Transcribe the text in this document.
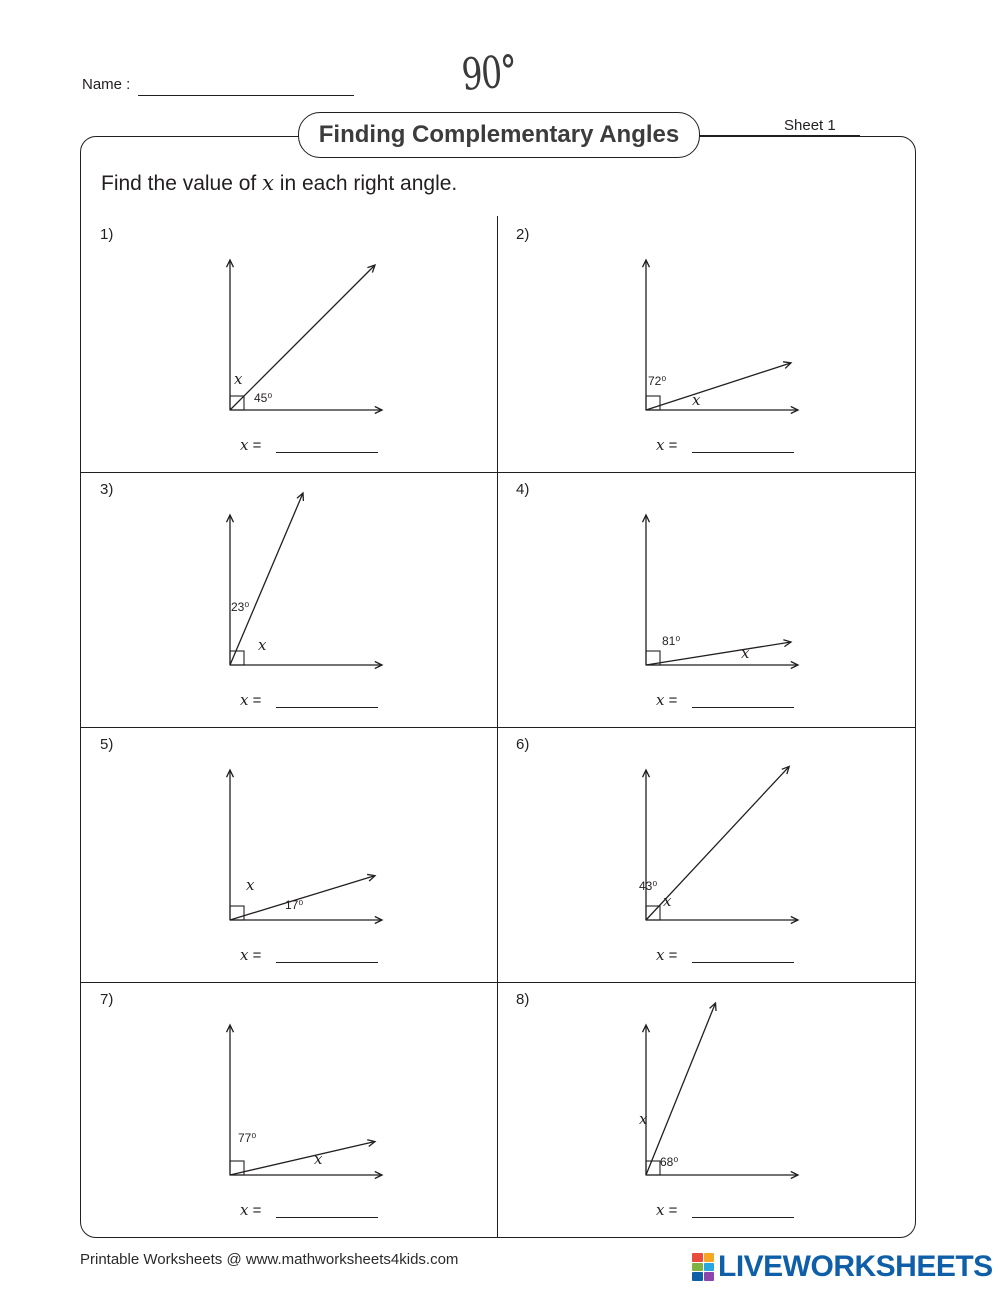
Name :	90°
Sheet 1
Finding Complementary Angles
Find the value of x in each right angle.
1)
x
45⁰
x =
2)
72⁰
x
x =
3)
23⁰
x
x =
4)
81⁰
x
x =
5)
x
17⁰
x =
6)
43⁰
x
x =
7)
77⁰
x
x =
8)
x
68⁰
x =
Printable Worksheets @ www.mathworksheets4kids.com	LIVEWORKSHEETS
